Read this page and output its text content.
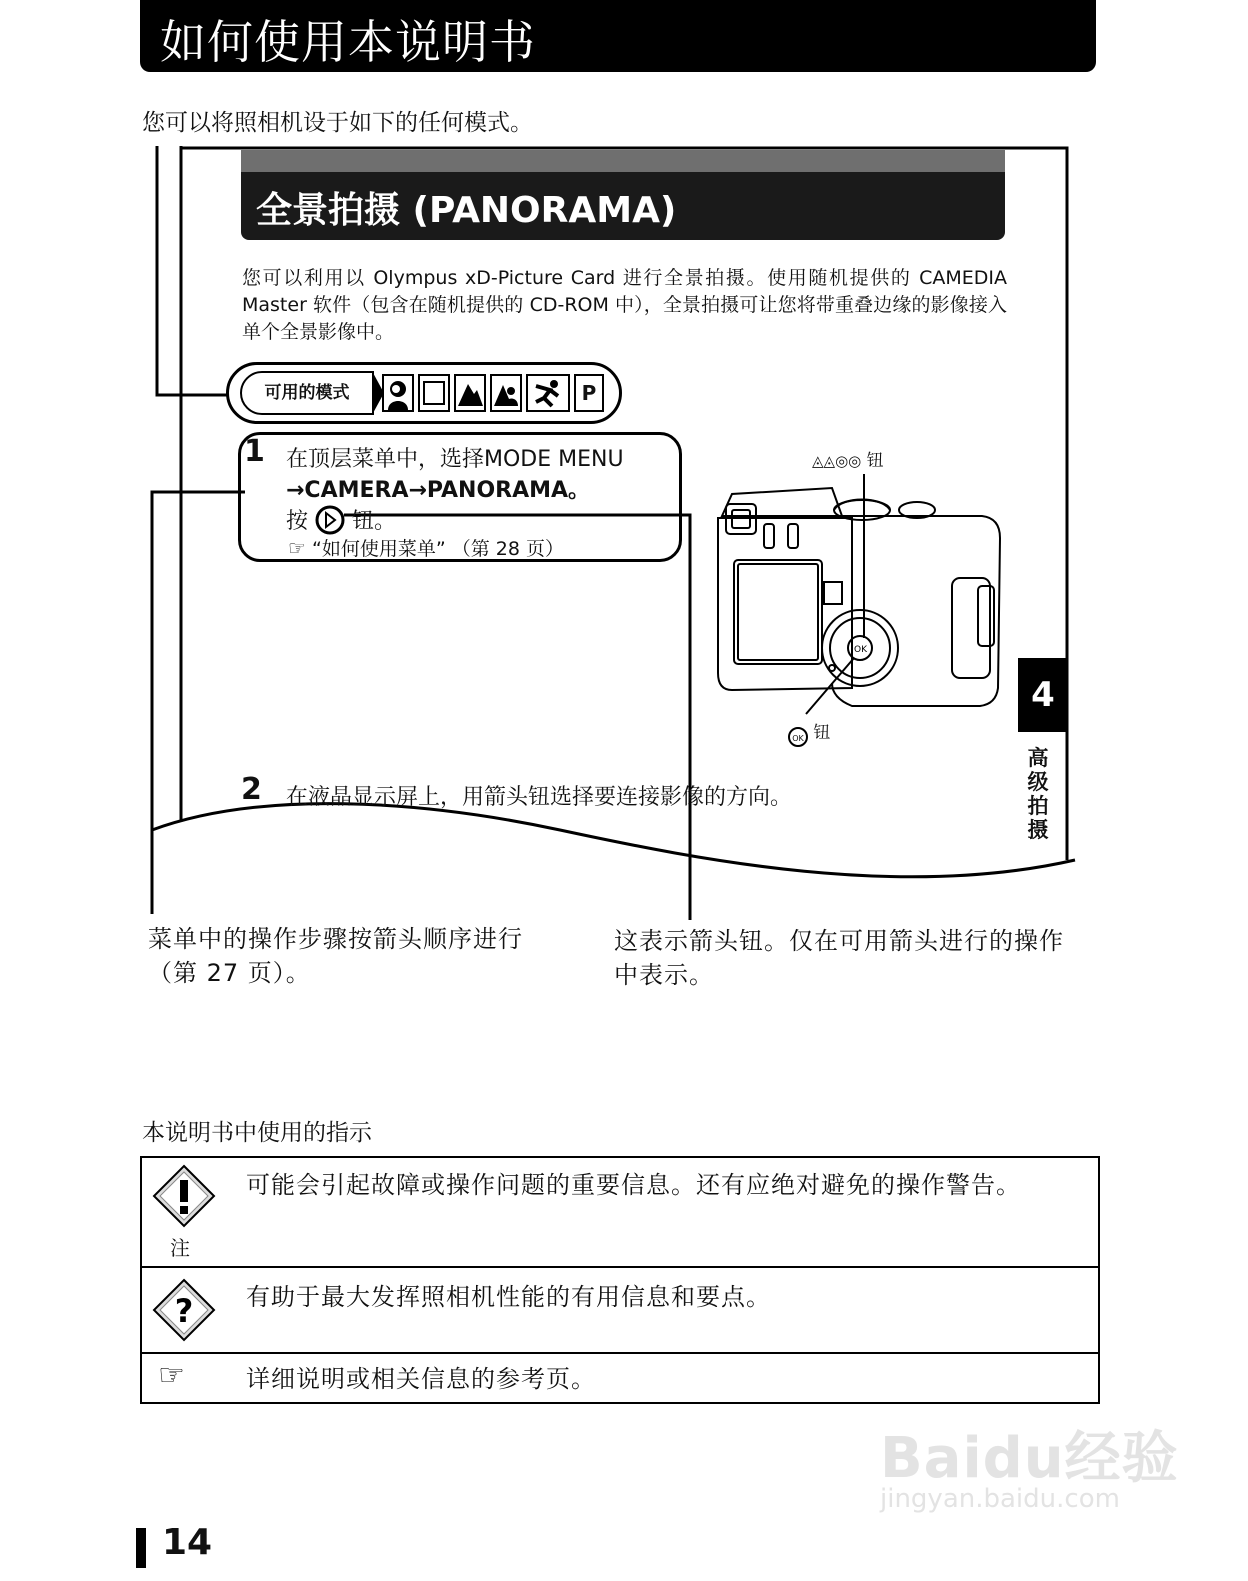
如何使用本说明书
您可以将照相机设于如下的任何模式。
全景拍摄 (PANORAMA)
您可以利用以 Olympus xD-Picture Card 进行全景拍摄。使用随机提供的 CAMEDIA Master 软件（包含在随机提供的 CD-ROM 中），全景拍摄可让您将带重叠边缘的影像接入单个全景影像中。
可用的模式	P
1 在顶层菜单中，选择MODE MENU
→CAMERA→PANORAMA。
按 钮。
☞ “如何使用菜单” （第 28 页）
◬◬◎◎ 钮
OK
OK 钮
2 在液晶显示屏上，用箭头钮选择要连接影像的方向。
4
高级拍摄
菜单中的操作步骤按箭头顺序进行（第 27 页）。
这表示箭头钮。仅在可用箭头进行的操作中表示。
本说明书中使用的指示
注
可能会引起故障或操作问题的重要信息。还有应绝对避免的操作警告。
? 有助于最大发挥照相机性能的有用信息和要点。
☞	详细说明或相关信息的参考页。
Baidu经验
jingyan.baidu.com
14
